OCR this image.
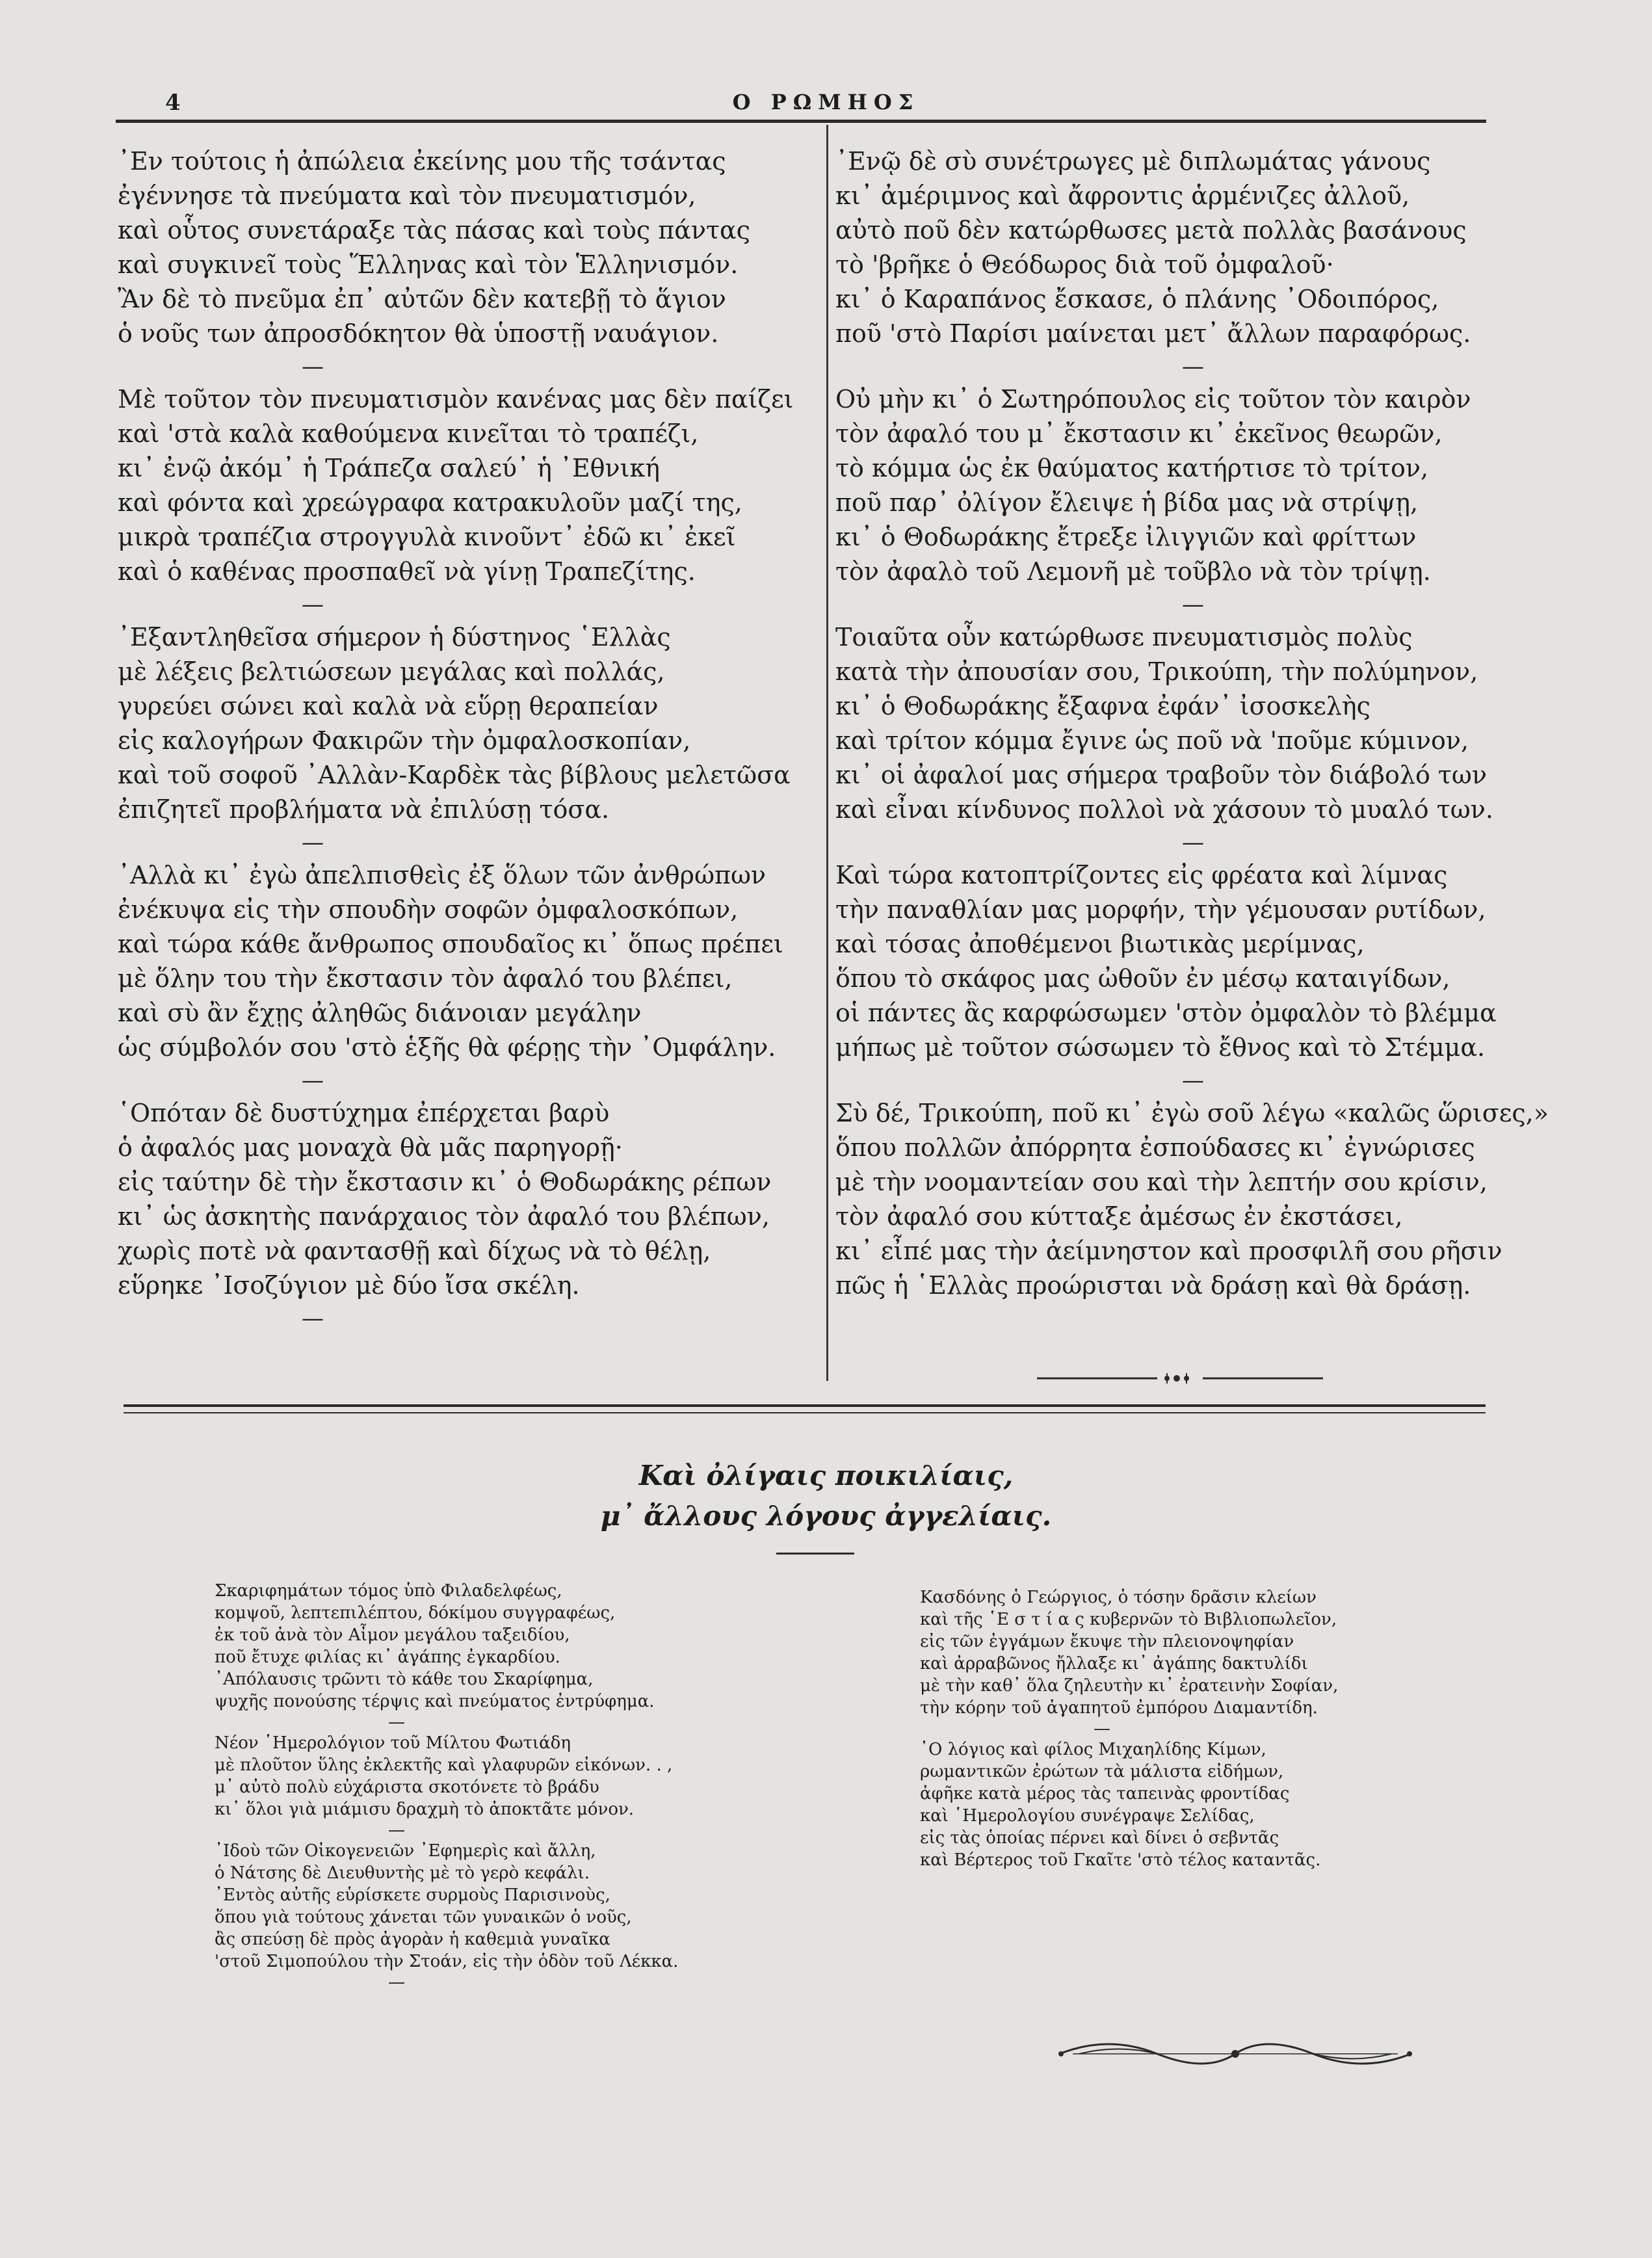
4	Ο ΡΩΜΗΟΣ
᾿Εν τούτοις ἡ ἀπώλεια ἐκείνης μου τῆς τσάντας
ἐγέννησε τὰ πνεύματα καὶ τὸν πνευματισμόν,
καὶ οὗτος συνετάραξε τὰς πάσας καὶ τοὺς πάντας
καὶ συγκινεῖ τοὺς Ἕλληνας καὶ τὸν Ἑλληνισμόν.
Ἂν δὲ τὸ πνεῦμα ἐπ᾿ αὐτῶν δὲν κατεβῇ τὸ ἅγιον
ὁ νοῦς των ἀπροσδόκητον θὰ ὑποστῇ ναυάγιον.
—
Μὲ τοῦτον τὸν πνευματισμὸν κανένας μας δὲν παίζει
καὶ 'στὰ καλὰ καθούμενα κινεῖται τὸ τραπέζι,
κι᾿ ἐνῷ ἀκόμ᾿ ἡ Τράπεζα σαλεύ᾿ ἡ ᾿Εθνική
καὶ φόντα καὶ χρεώγραφα κατρακυλοῦν μαζί της,
μικρὰ τραπέζια στρογγυλὰ κινοῦντ᾿ ἐδῶ κι᾿ ἐκεῖ
καὶ ὁ καθένας προσπαθεῖ νὰ γίνῃ Τραπεζίτης.
—
᾿Εξαντληθεῖσα σήμερον ἡ δύστηνος ῾Ελλὰς
μὲ λέξεις βελτιώσεων μεγάλας καὶ πολλάς,
γυρεύει σώνει καὶ καλὰ νὰ εὕρῃ θεραπείαν
εἰς καλογήρων Φακιρῶν τὴν ὀμφαλοσκοπίαν,
καὶ τοῦ σοφοῦ ᾿Αλλὰν-Καρδὲκ τὰς βίβλους μελετῶσα
ἐπιζητεῖ προβλήματα νὰ ἐπιλύσῃ τόσα.
—
᾿Αλλὰ κι᾿ ἐγὼ ἀπελπισθεὶς ἐξ ὅλων τῶν ἀνθρώπων
ἐνέκυψα εἰς τὴν σπουδὴν σοφῶν ὀμφαλοσκόπων,
καὶ τώρα κάθε ἄνθρωπος σπουδαῖος κι᾿ ὅπως πρέπει
μὲ ὅλην του τὴν ἔκστασιν τὸν ἀφαλό του βλέπει,
καὶ σὺ ἂν ἔχῃς ἀληθῶς διάνοιαν μεγάλην
ὡς σύμβολόν σου 'στὸ ἑξῆς θὰ φέρῃς τὴν ᾿Ομφάλην.
—
῾Οπόταν δὲ δυστύχημα ἐπέρχεται βαρὺ
ὁ ἀφαλός μας μοναχὰ θὰ μᾶς παρηγορῇ·
εἰς ταύτην δὲ τὴν ἔκστασιν κι᾿ ὁ Θοδωράκης ρέπων
κι᾿ ὡς ἀσκητὴς πανάρχαιος τὸν ἀφαλό του βλέπων,
χωρὶς ποτὲ νὰ φαντασθῇ καὶ δίχως νὰ τὸ θέλῃ,
εὕρηκε ᾿Ισοζύγιον μὲ δύο ἴσα σκέλη.
—
᾿Ενῷ δὲ σὺ συνέτρωγες μὲ διπλωμάτας γάνους
κι᾿ ἀμέριμνος καὶ ἄφροντις ἁρμένιζες ἀλλοῦ,
αὐτὸ ποῦ δὲν κατώρθωσες μετὰ πολλὰς βασάνους
τὸ 'βρῆκε ὁ Θεόδωρος διὰ τοῦ ὀμφαλοῦ·
κι᾿ ὁ Καραπάνος ἔσκασε, ὁ πλάνης ᾿Οδοιπόρος,
ποῦ 'στὸ Παρίσι μαίνεται μετ᾿ ἄλλων παραφόρως.
—
Οὐ μὴν κι᾿ ὁ Σωτηρόπουλος εἰς τοῦτον τὸν καιρὸν
τὸν ἀφαλό του μ᾿ ἔκστασιν κι᾿ ἐκεῖνος θεωρῶν,
τὸ κόμμα ὡς ἐκ θαύματος κατήρτισε τὸ τρίτον,
ποῦ παρ᾿ ὀλίγον ἔλειψε ἡ βίδα μας νὰ στρίψῃ,
κι᾿ ὁ Θοδωράκης ἔτρεξε ἰλιγγιῶν καὶ φρίττων
τὸν ἀφαλὸ τοῦ Λεμονῆ μὲ τοῦβλο νὰ τὸν τρίψῃ.
—
Τοιαῦτα οὖν κατώρθωσε πνευματισμὸς πολὺς
κατὰ τὴν ἀπουσίαν σου, Τρικούπη, τὴν πολύμηνον,
κι᾿ ὁ Θοδωράκης ἔξαφνα ἐφάν᾿ ἰσοσκελὴς
καὶ τρίτον κόμμα ἔγινε ὡς ποῦ νὰ 'ποῦμε κύμινον,
κι᾿ οἱ ἀφαλοί μας σήμερα τραβοῦν τὸν διάβολό των
καὶ εἶναι κίνδυνος πολλοὶ νὰ χάσουν τὸ μυαλό των.
—
Καὶ τώρα κατοπτρίζοντες εἰς φρέατα καὶ λίμνας
τὴν παναθλίαν μας μορφήν, τὴν γέμουσαν ρυτίδων,
καὶ τόσας ἀποθέμενοι βιωτικὰς μερίμνας,
ὅπου τὸ σκάφος μας ὠθοῦν ἐν μέσῳ καταιγίδων,
οἱ πάντες ἂς καρφώσωμεν 'στὸν ὀμφαλὸν τὸ βλέμμα
μήπως μὲ τοῦτον σώσωμεν τὸ ἔθνος καὶ τὸ Στέμμα.
—
Σὺ δέ, Τρικούπη, ποῦ κι᾿ ἐγὼ σοῦ λέγω «καλῶς ὥρισες,»
ὅπου πολλῶν ἀπόρρητα ἐσπούδασες κι᾿ ἐγνώρισες
μὲ τὴν νοομαντείαν σου καὶ τὴν λεπτήν σου κρίσιν,
τὸν ἀφαλό σου κύτταξε ἀμέσως ἐν ἐκστάσει,
κι᾿ εἶπέ μας τὴν ἀείμνηστον καὶ προσφιλῆ σου ρῆσιν
πῶς ἡ ῾Ελλὰς προώρισται νὰ δράσῃ καὶ θὰ δράσῃ.
Καὶ ὀλίγαις ποικιλίαις,
μ᾿ ἄλλους λόγους ἀγγελίαις.
Σκαριφημάτων τόμος ὑπὸ Φιλαδελφέως,
κομψοῦ, λεπτεπιλέπτου, δόκίμου συγγραφέως,
ἐκ τοῦ ἀνὰ τὸν Αἶμον μεγάλου ταξειδίου,
ποῦ ἔτυχε φιλίας κι᾿ ἀγάπης ἐγκαρδίου.
᾿Απόλαυσις τρῶντι τὸ κάθε του Σκαρίφημα,
ψυχῆς πονούσης τέρψις καὶ πνεύματος ἐντρύφημα.
—
Νέον ῾Ημερολόγιον τοῦ Μίλτου Φωτιάδη
μὲ πλοῦτον ὕλης ἐκλεκτῆς καὶ γλαφυρῶν εἰκόνων. . ,
μ᾿ αὐτὸ πολὺ εὐχάριστα σκοτόνετε τὸ βράδυ
κι᾿ ὅλοι γιὰ μιάμισυ δραχμὴ τὸ ἀποκτᾶτε μόνον.
—
᾿Ιδοὺ τῶν Οἰκογενειῶν ᾿Εφημερὶς καὶ ἄλλη,
ὁ Νάτσης δὲ Διευθυντὴς μὲ τὸ γερὸ κεφάλι.
᾿Εντὸς αὐτῆς εὑρίσκετε συρμοὺς Παρισινοὺς,
ὅπου γιὰ τούτους χάνεται τῶν γυναικῶν ὁ νοῦς,
ἂς σπεύσῃ δὲ πρὸς ἀγορὰν ἡ καθεμιὰ γυναῖκα
'στοῦ Σιμοπούλου τὴν Στοάν, εἰς τὴν ὁδὸν τοῦ Λέκκα.
—
Κασδόνης ὁ Γεώργιος, ὁ τόσην δρᾶσιν κλείων
καὶ τῆς ῾Ε σ τ ί α ς κυβερνῶν τὸ Βιβλιοπωλεῖον,
εἰς τῶν ἐγγάμων ἔκυψε τὴν πλειονοψηφίαν
καὶ ἀρραβῶνος ἤλλαξε κι᾿ ἀγάπης δακτυλίδι
μὲ τὴν καθ᾿ ὅλα ζηλευτὴν κι᾿ ἐρατεινὴν Σοφίαν,
τὴν κόρην τοῦ ἀγαπητοῦ ἐμπόρου Διαμαντίδη.
—
῾Ο λόγιος καὶ φίλος Μιχαηλίδης Κίμων,
ρωμαντικῶν ἐρώτων τὰ μάλιστα εἰδήμων,
ἀφῆκε κατὰ μέρος τὰς ταπεινὰς φροντίδας
καὶ ῾Ημερολογίου συνέγραψε Σελίδας,
εἰς τὰς ὁποίας πέρνει καὶ δίνει ὁ σεβντᾶς
καὶ Βέρτερος τοῦ Γκαῖτε 'στὸ τέλος καταντᾶς.
